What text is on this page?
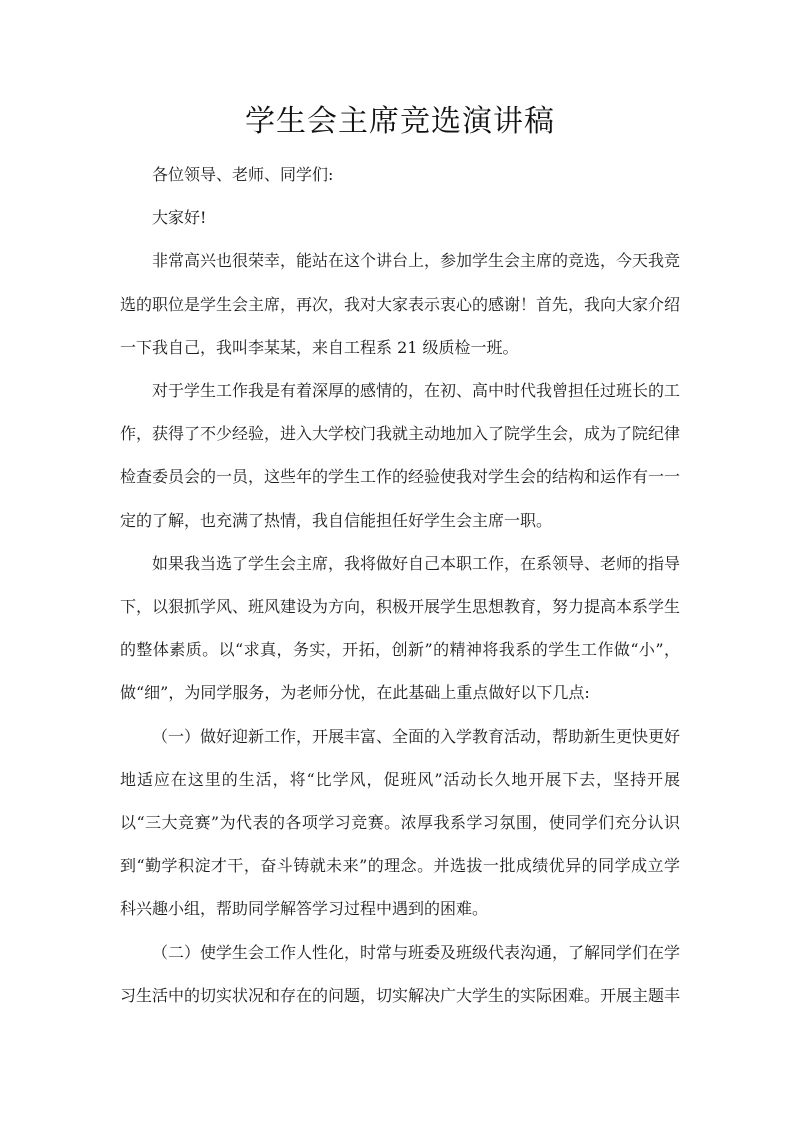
学生会主席竞选演讲稿

各位领导、老师、同学们:

大家好!

非常高兴也很荣幸，能站在这个讲台上，参加学生会主席的竞选，今天我竞选的职位是学生会主席，再次，我对大家表示衷心的感谢！首先，我向大家介绍一下我自己，我叫李某某，来自工程系 21 级质检一班。

对于学生工作我是有着深厚的感情的，在初、高中时代我曾担任过班长的工作，获得了不少经验，进入大学校门我就主动地加入了院学生会，成为了院纪律检查委员会的一员，这些年的学生工作的经验使我对学生会的结构和运作有一一定的了解，也充满了热情，我自信能担任好学生会主席一职。

如果我当选了学生会主席，我将做好自己本职工作，在系领导、老师的指导下，以狠抓学风、班风建设为方向，积极开展学生思想教育，努力提高本系学生的整体素质。以“求真，务实，开拓，创新”的精神将我系的学生工作做“小”，做“细”，为同学服务，为老师分忧，在此基础上重点做好以下几点:

（一）做好迎新工作，开展丰富、全面的入学教育活动，帮助新生更快更好地适应在这里的生活，将“比学风，促班风”活动长久地开展下去，坚持开展以“三大竞赛”为代表的各项学习竞赛。浓厚我系学习氛围，使同学们充分认识到“勤学积淀才干，奋斗铸就未来”的理念。并选拔一批成绩优异的同学成立学科兴趣小组，帮助同学解答学习过程中遇到的困难。

（二）使学生会工作人性化，时常与班委及班级代表沟通，了解同学们在学习生活中的切实状况和存在的问题，切实解决广大学生的实际困难。开展主题丰
